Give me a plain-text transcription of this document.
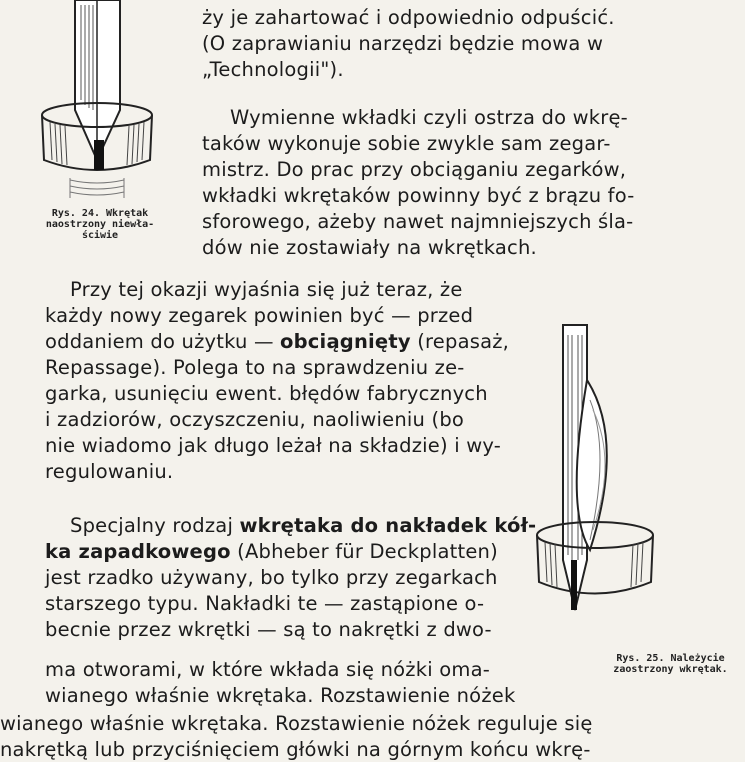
Rys. 24. Wkrętak
naostrzony niewła-
ściwie
ży je zahartować i odpowiednio odpuścić.
(O zaprawianiu narzędzi będzie mowa w
„Technologii").
Wymienne wkładki czyli ostrza do wkrę-
taków wykonuje sobie zwykle sam zegar-
mistrz. Do prac przy obciąganiu zegarków,
wkładki wkrętaków powinny być z brązu fo-
sforowego, ażeby nawet najmniejszych śla-
dów nie zostawiały na wkrętkach.
Przy tej okazji wyjaśnia się już teraz, że
każdy nowy zegarek powinien być — przed
oddaniem do użytku — obciągnięty (repasaż,
Repassage). Polega to na sprawdzeniu ze-
garka, usunięciu ewent. błędów fabrycznych
i zadziorów, oczyszczeniu, naoliwieniu (bo
nie wiadomo jak długo leżał na składzie) i wy-
regulowaniu.
Specjalny rodzaj wkrętaka do nakładek kół-
ka zapadkowego (Abheber für Deckplatten)
jest rzadko używany, bo tylko przy zegarkach
starszego typu. Nakładki te — zastąpione o-
becnie przez wkrętki — są to nakrętki z dwo-
ma otworami, w które wkłada się nóżki oma-
wianego właśnie wkrętaka. Rozstawienie nóżek
wianego właśnie wkrętaka. Rozstawienie nóżek reguluje się
nakrętką lub przyciśnięciem główki na górnym końcu wkrę-
Rys. 25. Należycie
zaostrzony wkrętak.
